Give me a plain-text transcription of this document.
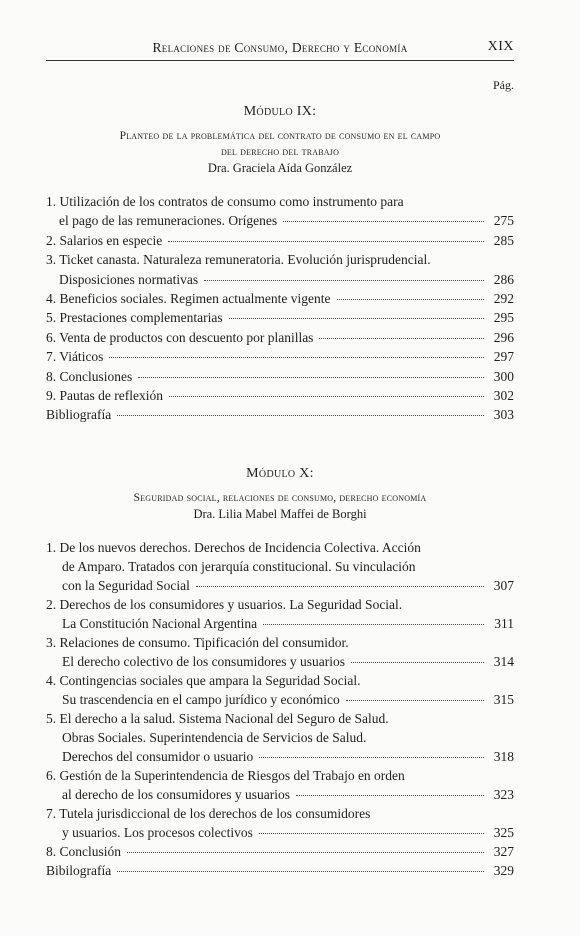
Relaciones de Consumo, Derecho y Economía	XIX
Pág.
Módulo IX:
Planteo de la problemática del contrato de consumo en el campo
del derecho del trabajo
Dra. Graciela Aída González
1. Utilización de los contratos de consumo como instrumento para
el pago de las remuneraciones. Orígenes	275
2. Salarios en especie	285
3. Ticket canasta. Naturaleza remuneratoria. Evolución jurisprudencial.
Disposiciones normativas	286
4. Beneficios sociales. Regimen actualmente vigente	292
5. Prestaciones complementarias	295
6. Venta de productos con descuento por planillas	296
7. Viáticos	297
8. Conclusiones	300
9. Pautas de reflexión	302
Bibliografía	303
Módulo X:
Seguridad social, relaciones de consumo, derecho economía
Dra. Lilia Mabel Maffei de Borghi
1. De los nuevos derechos. Derechos de Incidencia Colectiva. Acción
de Amparo. Tratados con jerarquía constitucional. Su vinculación
con la Seguridad Social	307
2. Derechos de los consumidores y usuarios. La Seguridad Social.
La Constitución Nacional Argentina	311
3. Relaciones de consumo. Tipificación del consumidor.
El derecho colectivo de los consumidores y usuarios	314
4. Contingencias sociales que ampara la Seguridad Social.
Su trascendencia en el campo jurídico y económico	315
5. El derecho a la salud. Sistema Nacional del Seguro de Salud.
Obras Sociales. Superintendencia de Servicios de Salud.
Derechos del consumidor o usuario	318
6. Gestión de la Superintendencia de Riesgos del Trabajo en orden
al derecho de los consumidores y usuarios	323
7. Tutela jurisdiccional de los derechos de los consumidores
y usuarios. Los procesos colectivos	325
8. Conclusión	327
Bibilografía	329
